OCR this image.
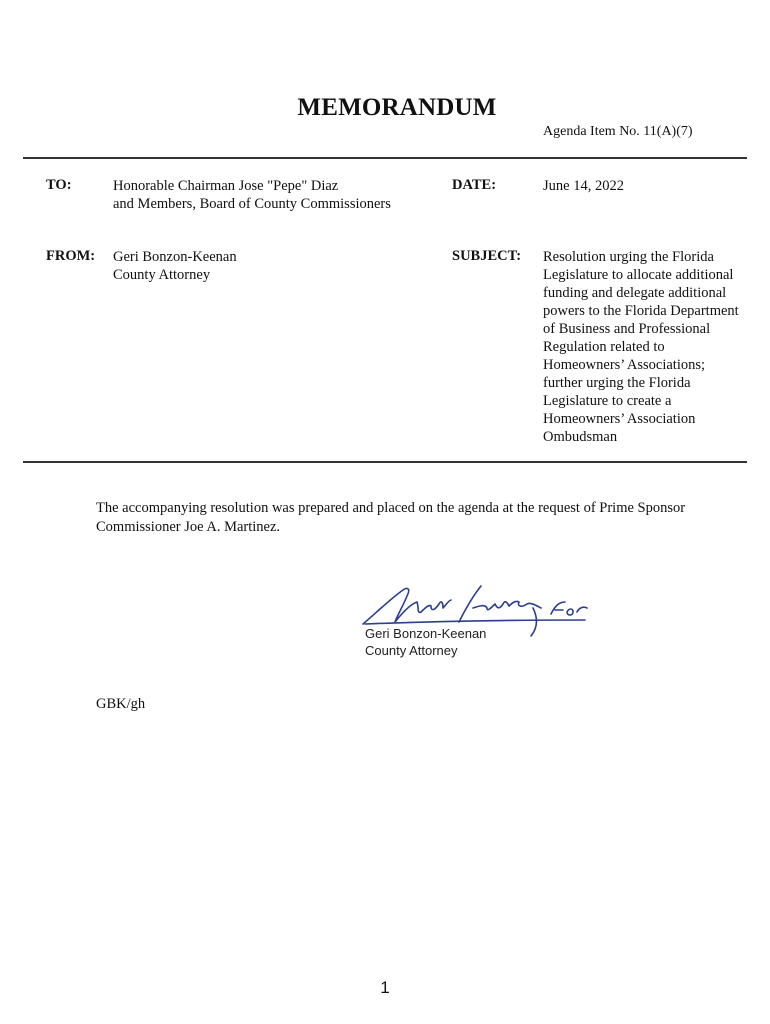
MEMORANDUM
Agenda Item No. 11(A)(7)
TO:	Honorable Chairman Jose "Pepe" Diaz
and Members, Board of County Commissioners
DATE:	June 14, 2022
FROM: Geri Bonzon-Keenan
County Attorney
SUBJECT: Resolution urging the Florida
Legislature to allocate additional
funding and delegate additional
powers to the Florida Department
of Business and Professional
Regulation related to
Homeowners’ Associations;
further urging the Florida
Legislature to create a
Homeowners’ Association
Ombudsman
The accompanying resolution was prepared and placed on the agenda at the request of Prime Sponsor
Commissioner Joe A. Martinez.
Geri Bonzon-Keenan
County Attorney
GBK/gh
1
